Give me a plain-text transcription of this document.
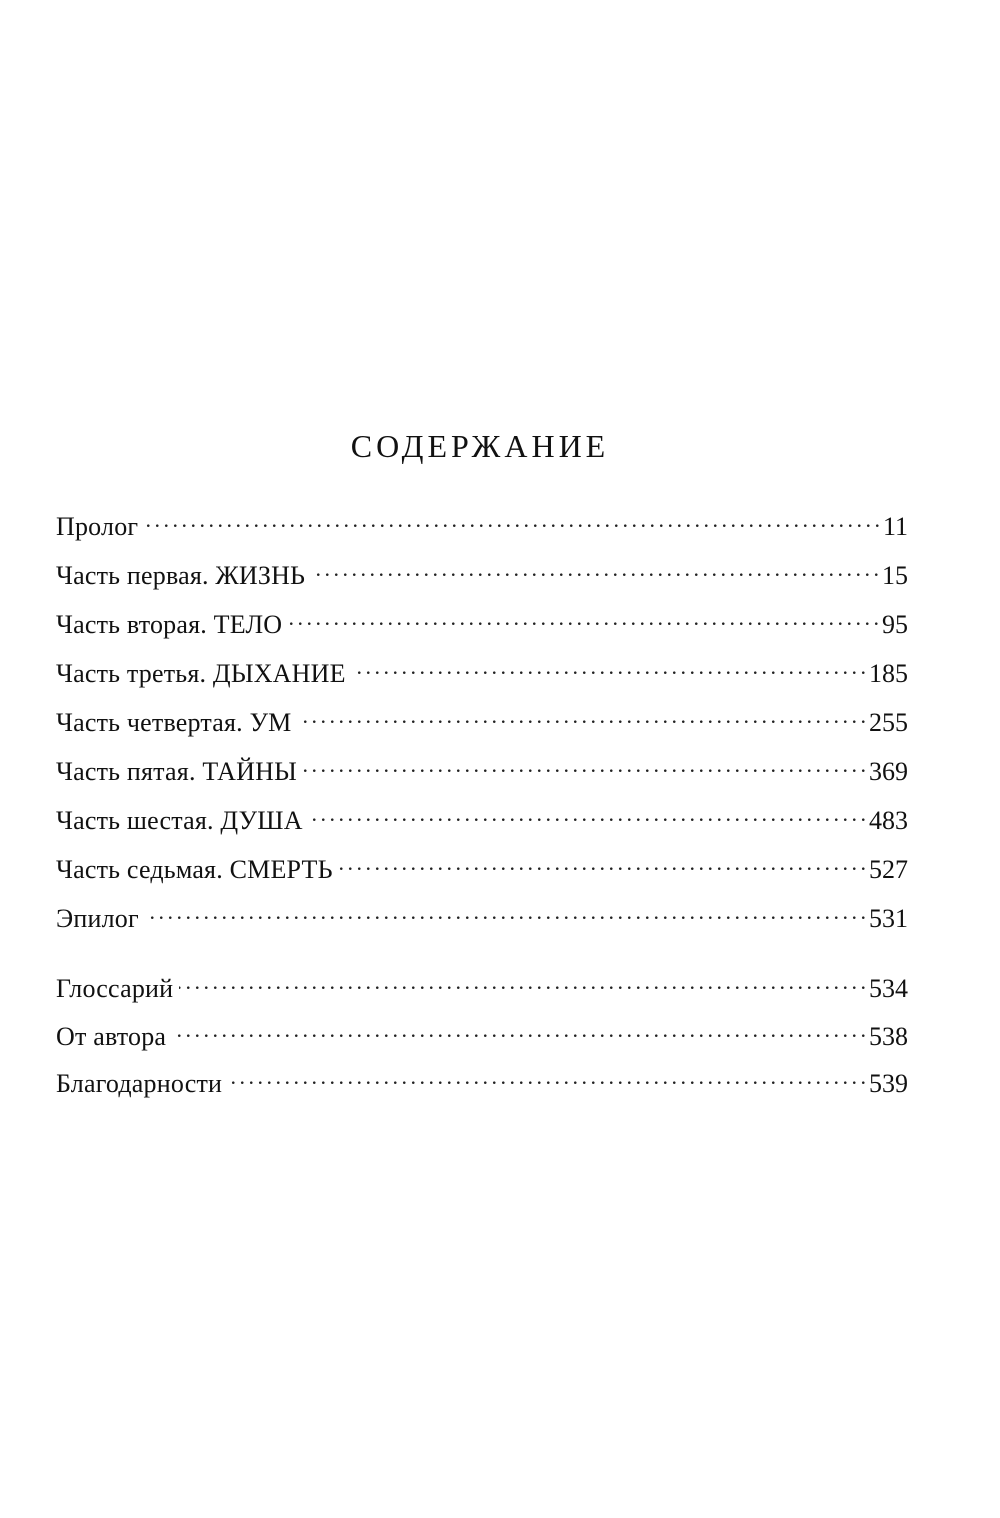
СОДЕРЖАНИЕ
Пролог . . .	11
Часть первая. ЖИЗНЬ . . .	15
Часть вторая. ТЕЛО . . .	95
Часть третья. ДЫХАНИЕ . . .	185
Часть четвертая. УМ . . .	255
Часть пятая. ТАЙНЫ . . .	369
Часть шестая. ДУША . . .	483
Часть седьмая. СМЕРТЬ . . .	527
Эпилог . . .	531
Глоссарий . . .	534
От автора . . .	538
Благодарности . . .	539
